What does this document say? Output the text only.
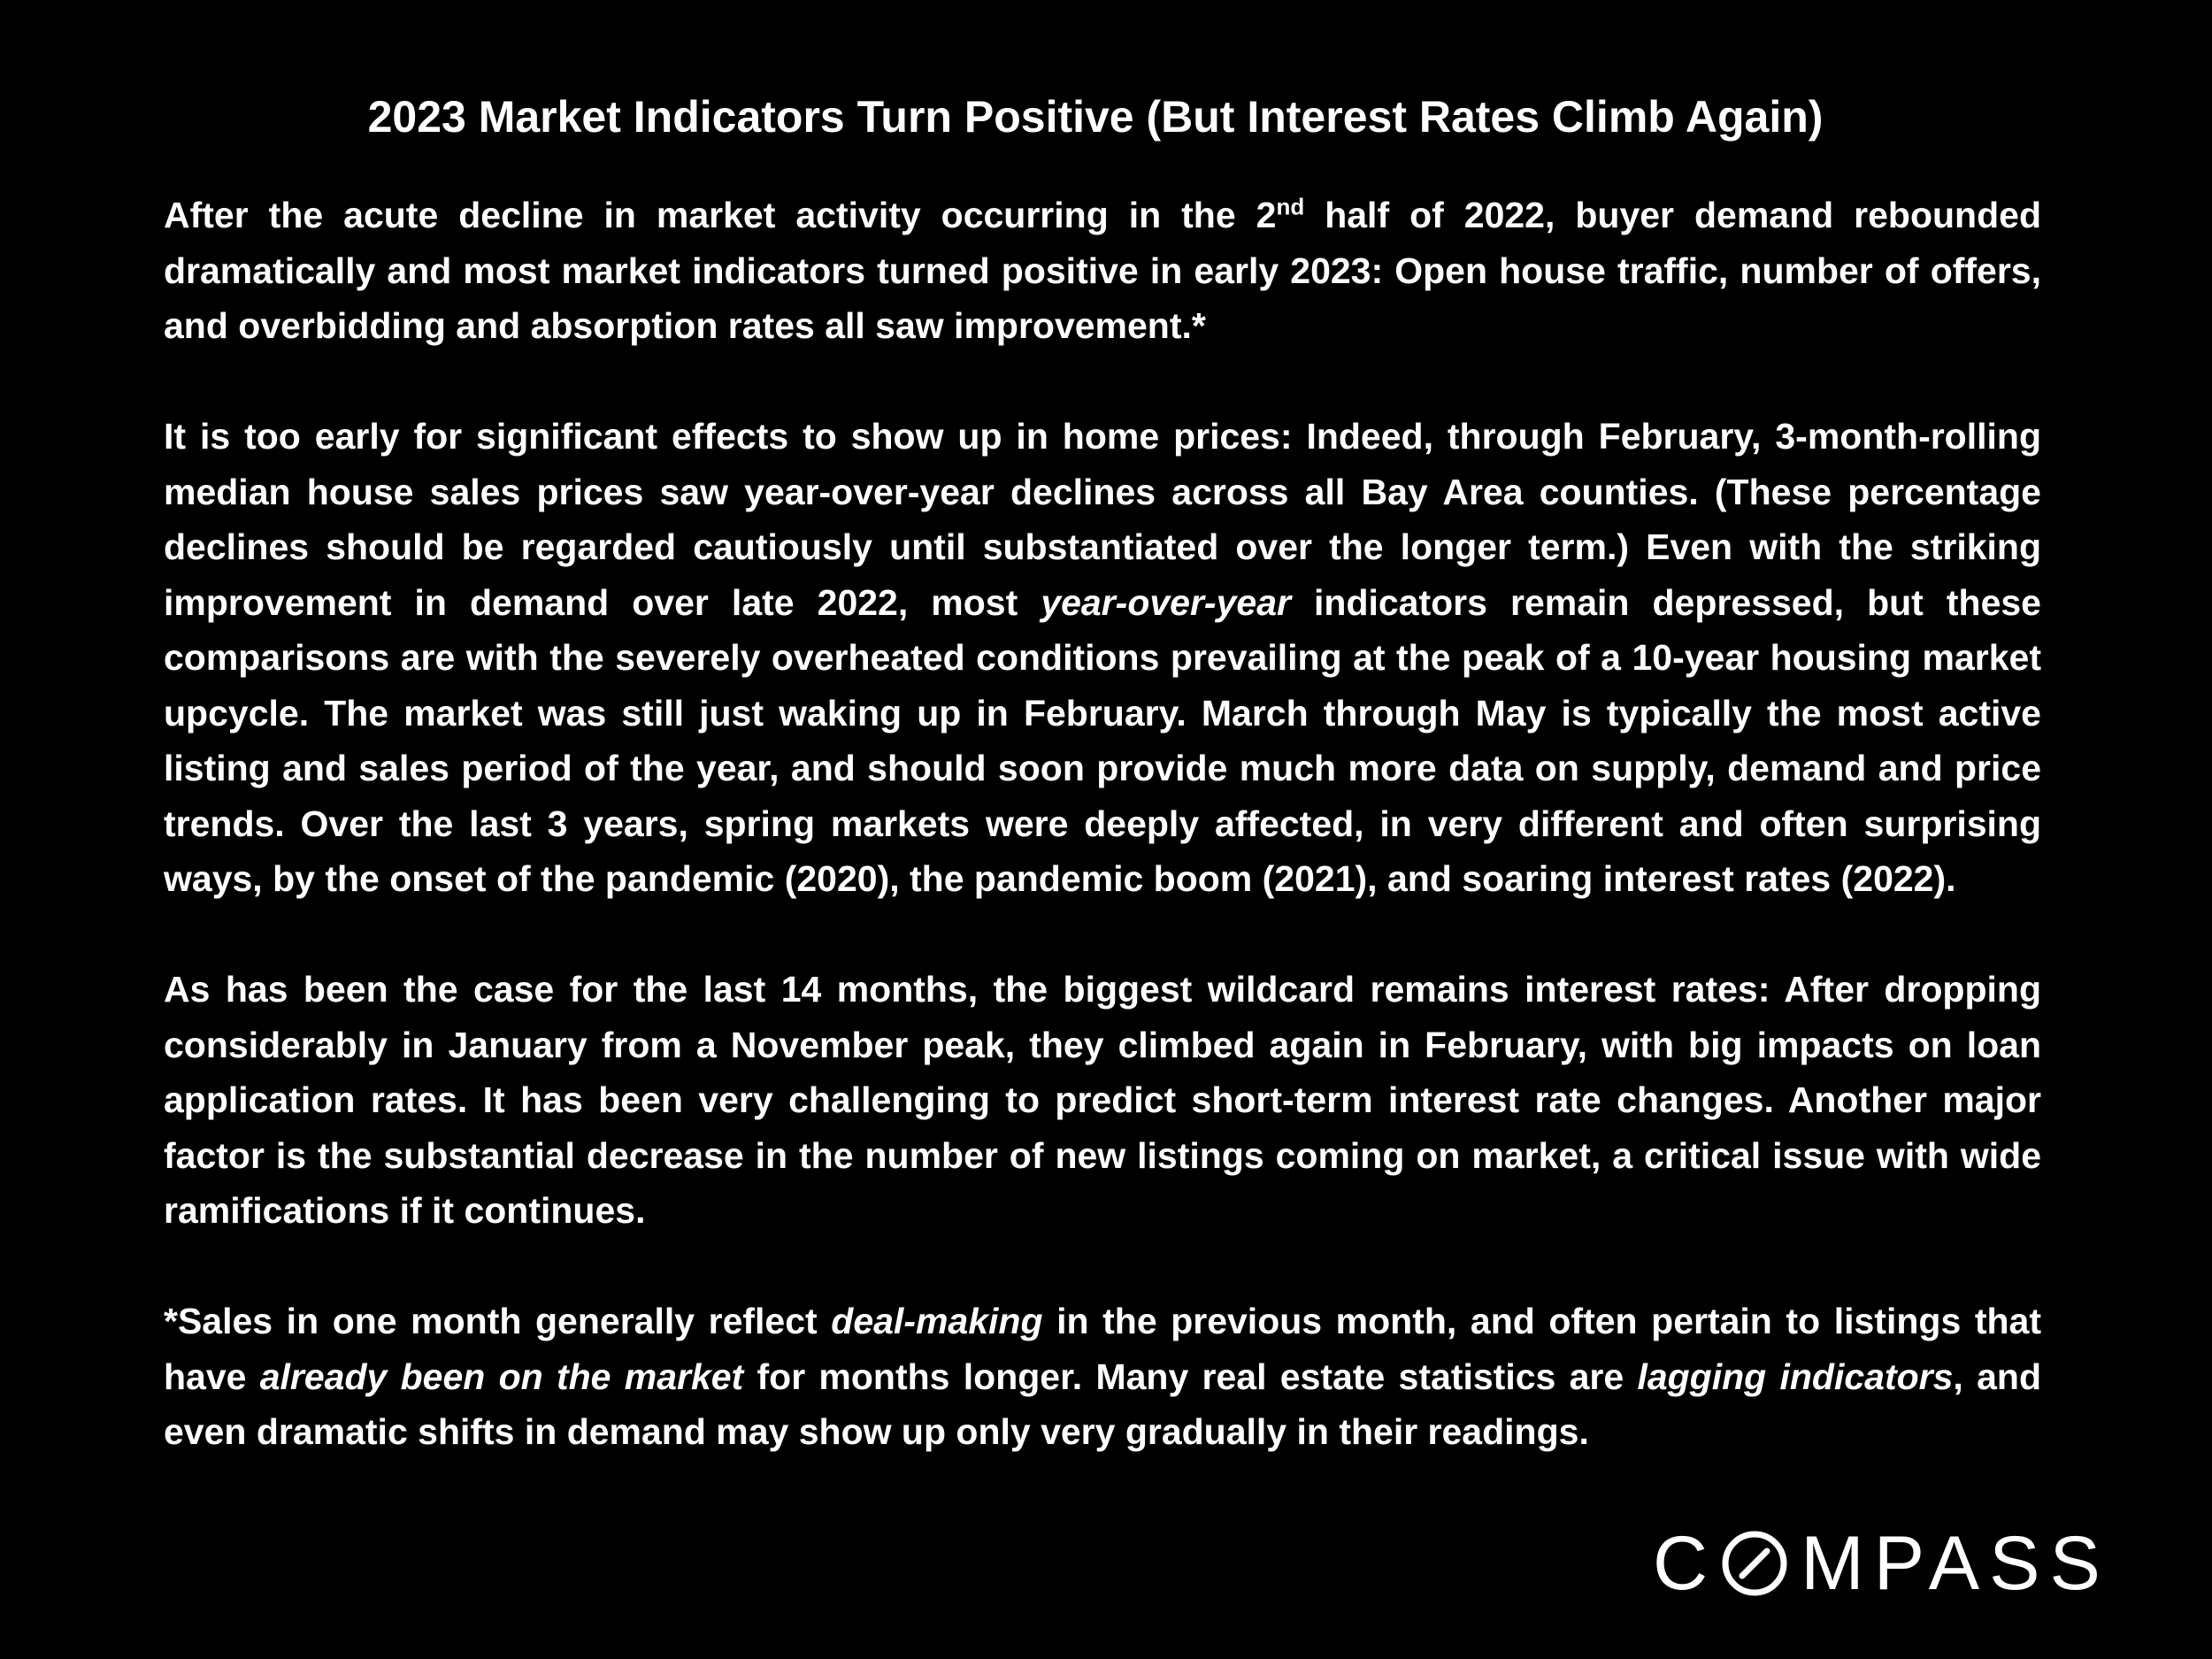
2023 Market Indicators Turn Positive (But Interest Rates Climb Again)

After the acute decline in market activity occurring in the 2nd half of 2022, buyer demand rebounded dramatically and most market indicators turned positive in early 2023: Open house traffic, number of offers, and overbidding and absorption rates all saw improvement.*

It is too early for significant effects to show up in home prices: Indeed, through February, 3-month-rolling median house sales prices saw year-over-year declines across all Bay Area counties. (These percentage declines should be regarded cautiously until substantiated over the longer term.) Even with the striking improvement in demand over late 2022, most year-over-year indicators remain depressed, but these comparisons are with the severely overheated conditions prevailing at the peak of a 10-year housing market upcycle. The market was still just waking up in February. March through May is typically the most active listing and sales period of the year, and should soon provide much more data on supply, demand and price trends. Over the last 3 years, spring markets were deeply affected, in very different and often surprising ways, by the onset of the pandemic (2020), the pandemic boom (2021), and soaring interest rates (2022).

As has been the case for the last 14 months, the biggest wildcard remains interest rates: After dropping considerably in January from a November peak, they climbed again in February, with big impacts on loan application rates. It has been very challenging to predict short-term interest rate changes. Another major factor is the substantial decrease in the number of new listings coming on market, a critical issue with wide ramifications if it continues.

*Sales in one month generally reflect deal-making in the previous month, and often pertain to listings that have already been on the market for months longer. Many real estate statistics are lagging indicators, and even dramatic shifts in demand may show up only very gradually in their readings.

C MPASS
